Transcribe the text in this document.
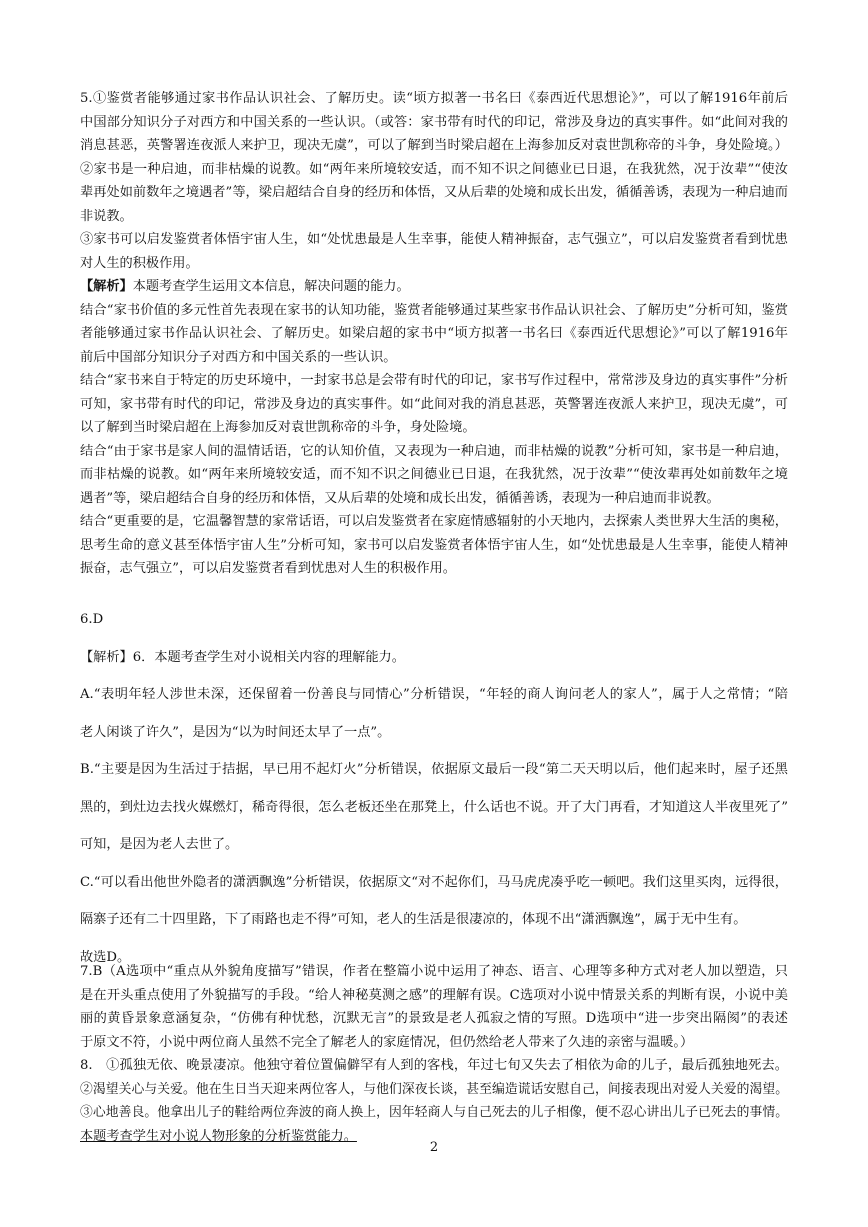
5.①鉴赏者能够通过家书作品认识社会、了解历史。读“顷方拟著一书名曰《泰西近代思想论》”，可以了解1916年前后
中国部分知识分子对西方和中国关系的一些认识。（或答：家书带有时代的印记，常涉及身边的真实事件。如“此间对我的
消息甚恶，英警署连夜派人来护卫，现决无虞”，可以了解到当时梁启超在上海参加反对袁世凯称帝的斗争，身处险境。）
②家书是一种启迪，而非枯燥的说教。如“两年来所境较安适，而不知不识之间德业已日退，在我犹然，况于汝辈”“使汝
辈再处如前数年之境遇者”等，梁启超结合自身的经历和体悟，又从后辈的处境和成长出发，循循善诱，表现为一种启迪而
非说教。
③家书可以启发鉴赏者体悟宇宙人生，如“处忧患最是人生幸事，能使人精神振奋，志气强立”，可以启发鉴赏者看到忧患
对人生的积极作用。
【解析】本题考查学生运用文本信息，解决问题的能力。
结合“家书价值的多元性首先表现在家书的认知功能，鉴赏者能够通过某些家书作品认识社会、了解历史”分析可知，鉴赏
者能够通过家书作品认识社会、了解历史。如梁启超的家书中“顷方拟著一书名曰《泰西近代思想论》”可以了解1916年
前后中国部分知识分子对西方和中国关系的一些认识。
结合“家书来自于特定的历史环境中，一封家书总是会带有时代的印记，家书写作过程中，常常涉及身边的真实事件”分析
可知，家书带有时代的印记，常涉及身边的真实事件。如“此间对我的消息甚恶，英警署连夜派人来护卫，现决无虞”，可
以了解到当时梁启超在上海参加反对袁世凯称帝的斗争，身处险境。
结合“由于家书是家人间的温情话语，它的认知价值，又表现为一种启迪，而非枯燥的说教”分析可知，家书是一种启迪，
而非枯燥的说教。如“两年来所境较安适，而不知不识之间德业已日退，在我犹然，况于汝辈”“使汝辈再处如前数年之境
遇者”等，梁启超结合自身的经历和体悟，又从后辈的处境和成长出发，循循善诱，表现为一种启迪而非说教。
结合“更重要的是，它温馨智慧的家常话语，可以启发鉴赏者在家庭情感辐射的小天地内，去探索人类世界大生活的奥秘，
思考生命的意义甚至体悟宇宙人生”分析可知，家书可以启发鉴赏者体悟宇宙人生，如“处忧患最是人生幸事，能使人精神
振奋，志气强立”，可以启发鉴赏者看到忧患对人生的积极作用。
6.D
【解析】6．本题考查学生对小说相关内容的理解能力。
A.“表明年轻人涉世未深，还保留着一份善良与同情心”分析错误，“年轻的商人询问老人的家人”，属于人之常情；“陪
老人闲谈了许久”，是因为“以为时间还太早了一点”。
B.“主要是因为生活过于拮据，早已用不起灯火”分析错误，依据原文最后一段“第二天天明以后，他们起来时，屋子还黑
黑的，到灶边去找火媒燃灯，稀奇得很，怎么老板还坐在那凳上，什么话也不说。开了大门再看，才知道这人半夜里死了”
可知，是因为老人去世了。
C.“可以看出他世外隐者的潇洒飘逸”分析错误，依据原文“对不起你们，马马虎虎凑乎吃一顿吧。我们这里买肉，远得很，
隔寨子还有二十四里路，下了雨路也走不得”可知，老人的生活是很凄凉的，体现不出“潇洒飘逸”，属于无中生有。
故选D。
7.B（A选项中“重点从外貌角度描写”错误，作者在整篇小说中运用了神态、语言、心理等多种方式对老人加以塑造，只
是在开头重点使用了外貌描写的手段。“给人神秘莫测之感”的理解有误。C选项对小说中情景关系的判断有误，小说中美
丽的黄昏景象意涵复杂，“仿佛有种忧愁，沉默无言”的景致是老人孤寂之情的写照。D选项中“进一步突出隔阂”的表述
于原文不符，小说中两位商人虽然不完全了解老人的家庭情况，但仍然给老人带来了久违的亲密与温暖。）
8.　①孤独无依、晚景凄凉。他独守着位置偏僻罕有人到的客栈，年过七旬又失去了相依为命的儿子，最后孤独地死去。
②渴望关心与关爱。他在生日当天迎来两位客人，与他们深夜长谈，甚至编造谎话安慰自己，间接表现出对爱人关爱的渴望。
③心地善良。他拿出儿子的鞋给两位奔波的商人换上，因年轻商人与自己死去的儿子相像，便不忍心讲出儿子已死去的事情。
本题考查学生对小说人物形象的分析鉴赏能力。
2
